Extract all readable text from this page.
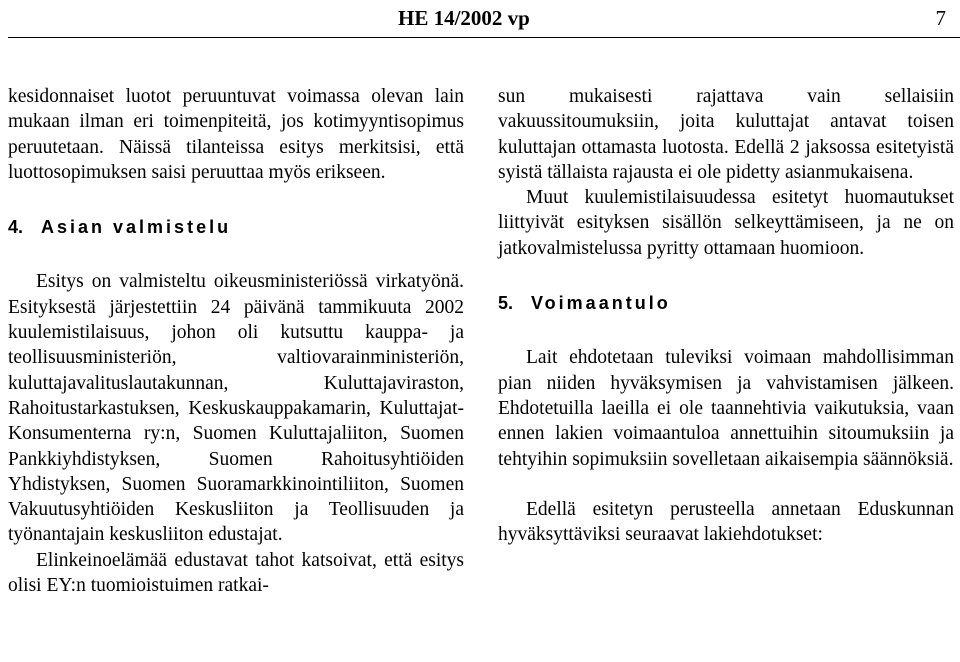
HE 14/2002 vp	7

kesidonnaiset luotot peruuntuvat voimassa olevan lain mukaan ilman eri toimenpiteitä, jos kotimyyntisopimus peruutetaan. Näissä tilanteissa esitys merkitsisi, että luottosopimuksen saisi peruuttaa myös erikseen.

4. Asian valmistelu

Esitys on valmisteltu oikeusministeriössä virkatyönä. Esityksestä järjestettiin 24 päivänä tammikuuta 2002 kuulemistilaisuus, johon oli kutsuttu kauppa- ja teollisuusministeriön, valtiovarainministeriön, kuluttajavalituslautakunnan, Kuluttajaviraston, Rahoitustarkastuksen, Keskuskauppakamarin, Kuluttajat-Konsumenterna ry:n, Suomen Kuluttajaliiton, Suomen Pankkiyhdistyksen, Suomen Rahoitusyhtiöiden Yhdistyksen, Suomen Suoramarkkinointiliiton, Suomen Vakuutusyhtiöiden Keskusliiton ja Teollisuuden ja työnantajain keskusliiton edustajat.

Elinkeinoelämää edustavat tahot katsoivat, että esitys olisi EY:n tuomioistuimen ratkai-

sun mukaisesti rajattava vain sellaisiin vakuussitoumuksiin, joita kuluttajat antavat toisen kuluttajan ottamasta luotosta. Edellä 2 jaksossa esitetyistä syistä tällaista rajausta ei ole pidetty asianmukaisena.

Muut kuulemistilaisuudessa esitetyt huomautukset liittyivät esityksen sisällön selkeyttämiseen, ja ne on jatkovalmistelussa pyritty ottamaan huomioon.

5. Voimaantulo

Lait ehdotetaan tuleviksi voimaan mahdollisimman pian niiden hyväksymisen ja vahvistamisen jälkeen. Ehdotetuilla laeilla ei ole taannehtivia vaikutuksia, vaan ennen lakien voimaantuloa annettuihin sitoumuksiin ja tehtyihin sopimuksiin sovelletaan aikaisempia säännöksiä.

Edellä esitetyn perusteella annetaan Eduskunnan hyväksyttäviksi seuraavat lakiehdotukset:
